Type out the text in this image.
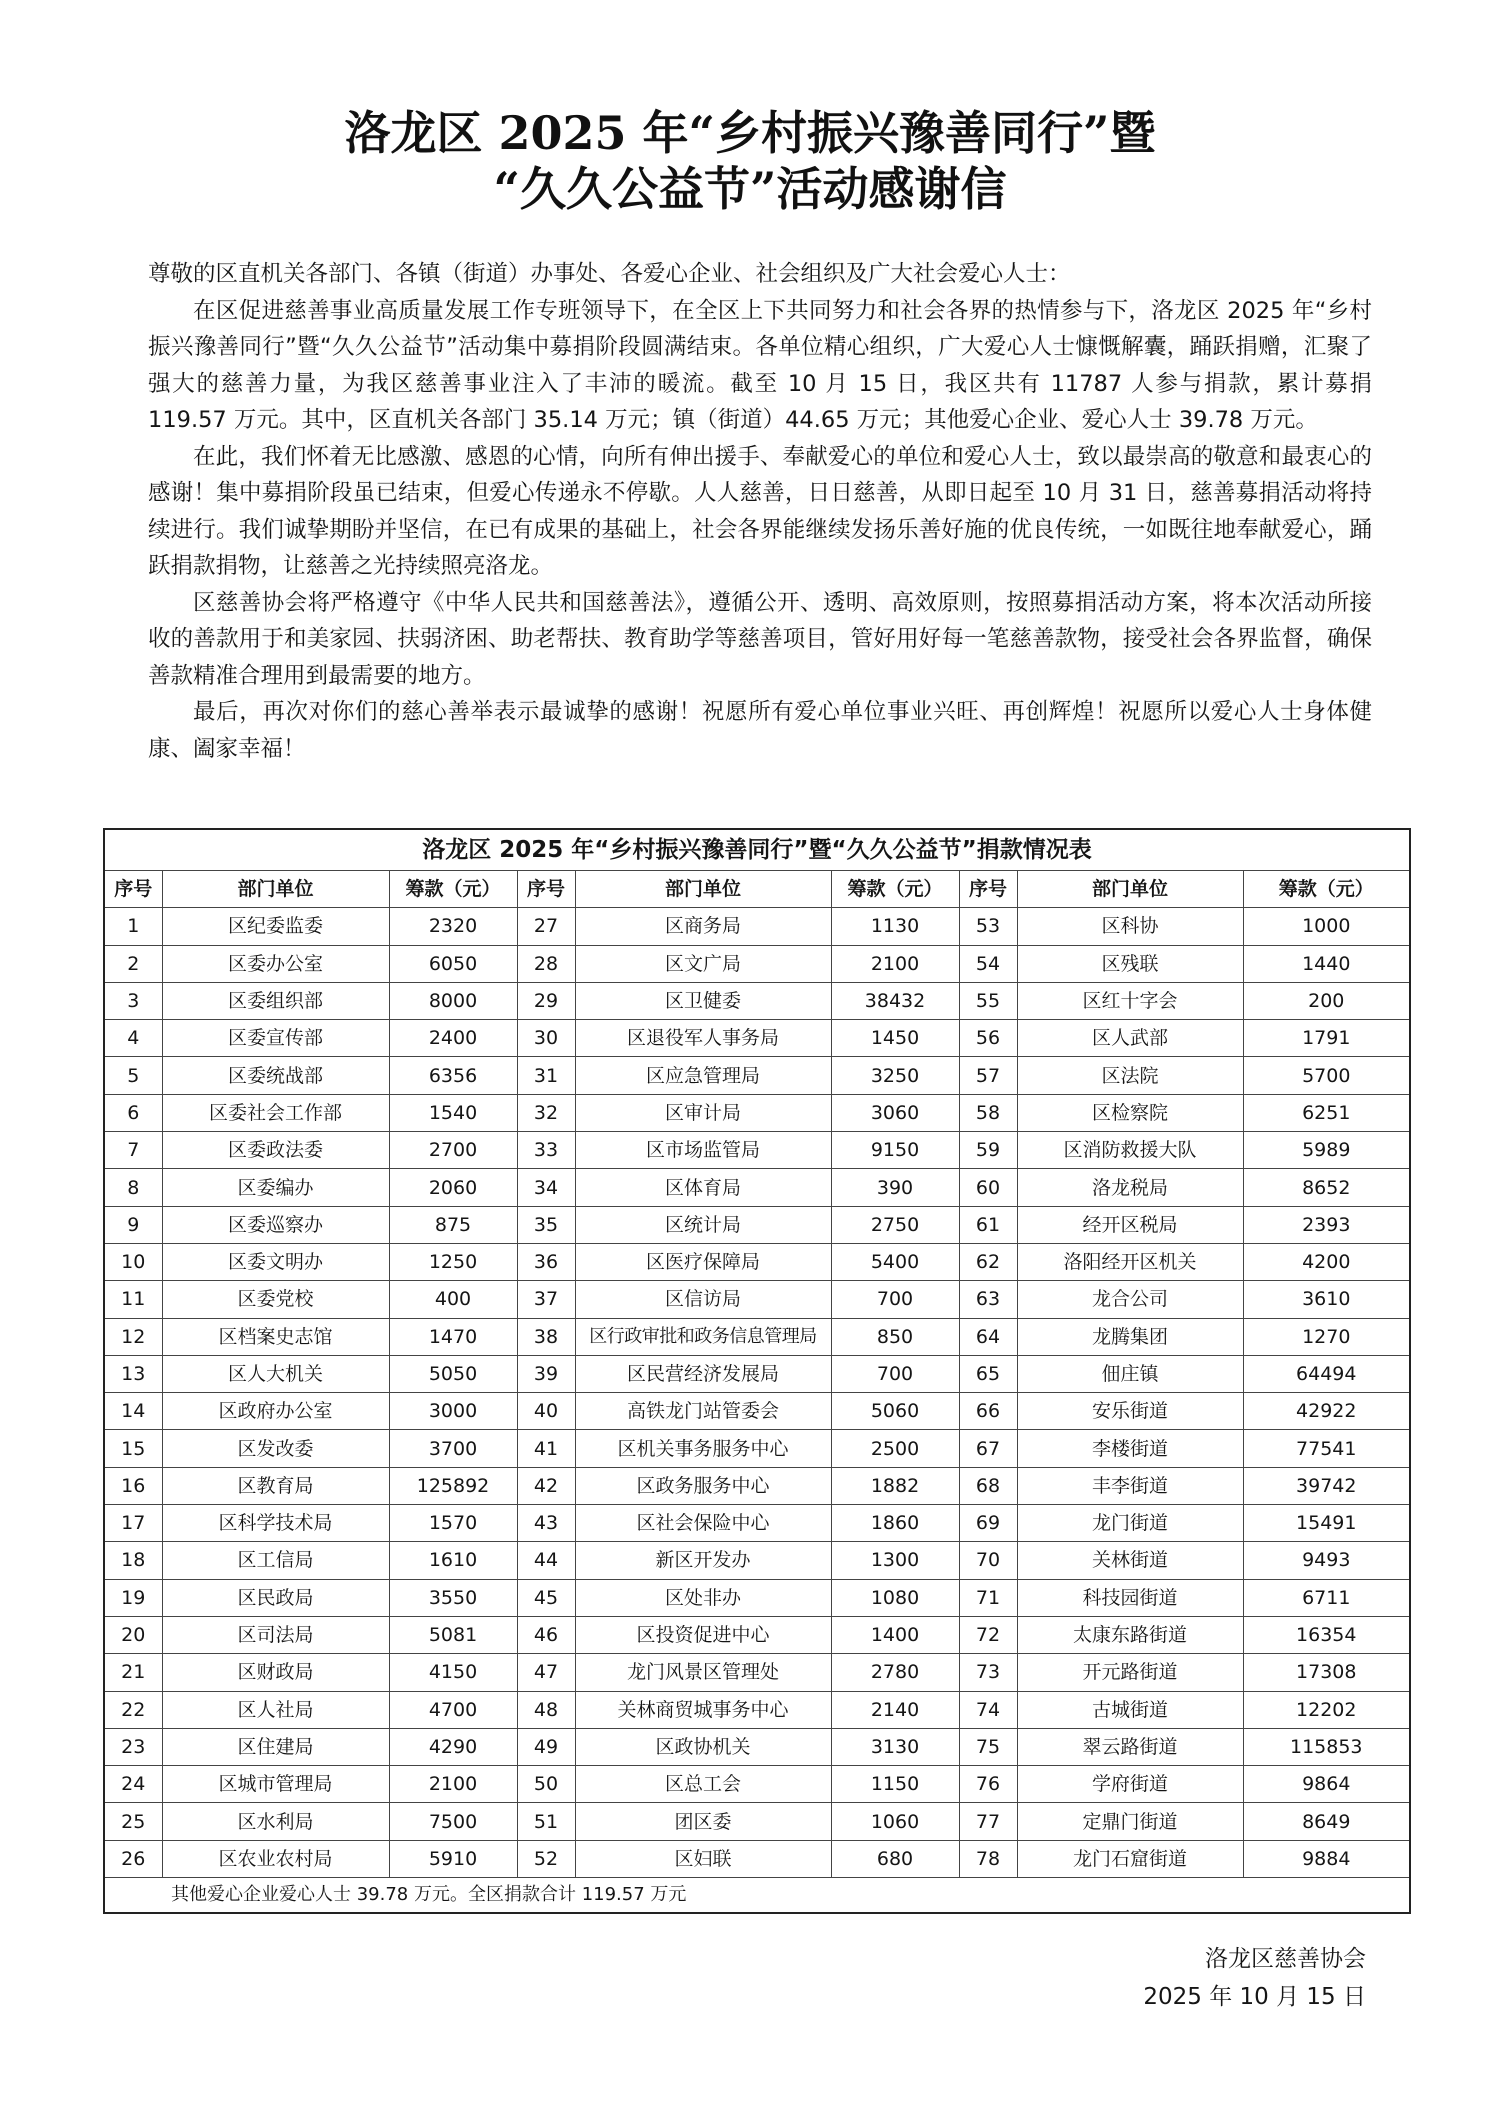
洛龙区 2025 年“乡村振兴豫善同行”暨
“久久公益节”活动感谢信

尊敬的区直机关各部门、各镇（街道）办事处、各爱心企业、社会组织及广大社会爱心人士：

在区促进慈善事业高质量发展工作专班领导下，在全区上下共同努力和社会各界的热情参与下，洛龙区 2025 年“乡村振兴豫善同行”暨“久久公益节”活动集中募捐阶段圆满结束。各单位精心组织，广大爱心人士慷慨解囊，踊跃捐赠，汇聚了强大的慈善力量，为我区慈善事业注入了丰沛的暖流。截至 10 月 15 日，我区共有 11787 人参与捐款，累计募捐 119.57 万元。其中，区直机关各部门 35.14 万元；镇（街道）44.65 万元；其他爱心企业、爱心人士 39.78 万元。

在此，我们怀着无比感激、感恩的心情，向所有伸出援手、奉献爱心的单位和爱心人士，致以最崇高的敬意和最衷心的感谢！集中募捐阶段虽已结束，但爱心传递永不停歇。人人慈善，日日慈善，从即日起至 10 月 31 日，慈善募捐活动将持续进行。我们诚挚期盼并坚信，在已有成果的基础上，社会各界能继续发扬乐善好施的优良传统，一如既往地奉献爱心，踊跃捐款捐物，让慈善之光持续照亮洛龙。

区慈善协会将严格遵守《中华人民共和国慈善法》，遵循公开、透明、高效原则，按照募捐活动方案，将本次活动所接收的善款用于和美家园、扶弱济困、助老帮扶、教育助学等慈善项目，管好用好每一笔慈善款物，接受社会各界监督，确保善款精准合理用到最需要的地方。

最后，再次对你们的慈心善举表示最诚挚的感谢！祝愿所有爱心单位事业兴旺、再创辉煌！祝愿所以爱心人士身体健康、阖家幸福！

洛龙区 2025 年“乡村振兴豫善同行”暨“久久公益节”捐款情况表								
序号	部门单位	筹款（元）	序号	部门单位	筹款（元）	序号	部门单位	筹款（元）
1	区纪委监委	2320	27	区商务局	1130	53	区科协	1000
2	区委办公室	6050	28	区文广局	2100	54	区残联	1440
3	区委组织部	8000	29	区卫健委	38432	55	区红十字会	200
4	区委宣传部	2400	30	区退役军人事务局	1450	56	区人武部	1791
5	区委统战部	6356	31	区应急管理局	3250	57	区法院	5700
6	区委社会工作部	1540	32	区审计局	3060	58	区检察院	6251
7	区委政法委	2700	33	区市场监管局	9150	59	区消防救援大队	5989
8	区委编办	2060	34	区体育局	390	60	洛龙税局	8652
9	区委巡察办	875	35	区统计局	2750	61	经开区税局	2393
10	区委文明办	1250	36	区医疗保障局	5400	62	洛阳经开区机关	4200
11	区委党校	400	37	区信访局	700	63	龙合公司	3610
12	区档案史志馆	1470	38	区行政审批和政务信息管理局	850	64	龙腾集团	1270
13	区人大机关	5050	39	区民营经济发展局	700	65	佃庄镇	64494
14	区政府办公室	3000	40	高铁龙门站管委会	5060	66	安乐街道	42922
15	区发改委	3700	41	区机关事务服务中心	2500	67	李楼街道	77541
16	区教育局	125892	42	区政务服务中心	1882	68	丰李街道	39742
17	区科学技术局	1570	43	区社会保险中心	1860	69	龙门街道	15491
18	区工信局	1610	44	新区开发办	1300	70	关林街道	9493
19	区民政局	3550	45	区处非办	1080	71	科技园街道	6711
20	区司法局	5081	46	区投资促进中心	1400	72	太康东路街道	16354
21	区财政局	4150	47	龙门风景区管理处	2780	73	开元路街道	17308
22	区人社局	4700	48	关林商贸城事务中心	2140	74	古城街道	12202
23	区住建局	4290	49	区政协机关	3130	75	翠云路街道	115853
24	区城市管理局	2100	50	区总工会	1150	76	学府街道	9864
25	区水利局	7500	51	团区委	1060	77	定鼎门街道	8649
26	区农业农村局	5910	52	区妇联	680	78	龙门石窟街道	9884
其他爱心企业爱心人士 39.78 万元。全区捐款合计 119.57 万元								
洛龙区慈善协会
2025 年 10 月 15 日
